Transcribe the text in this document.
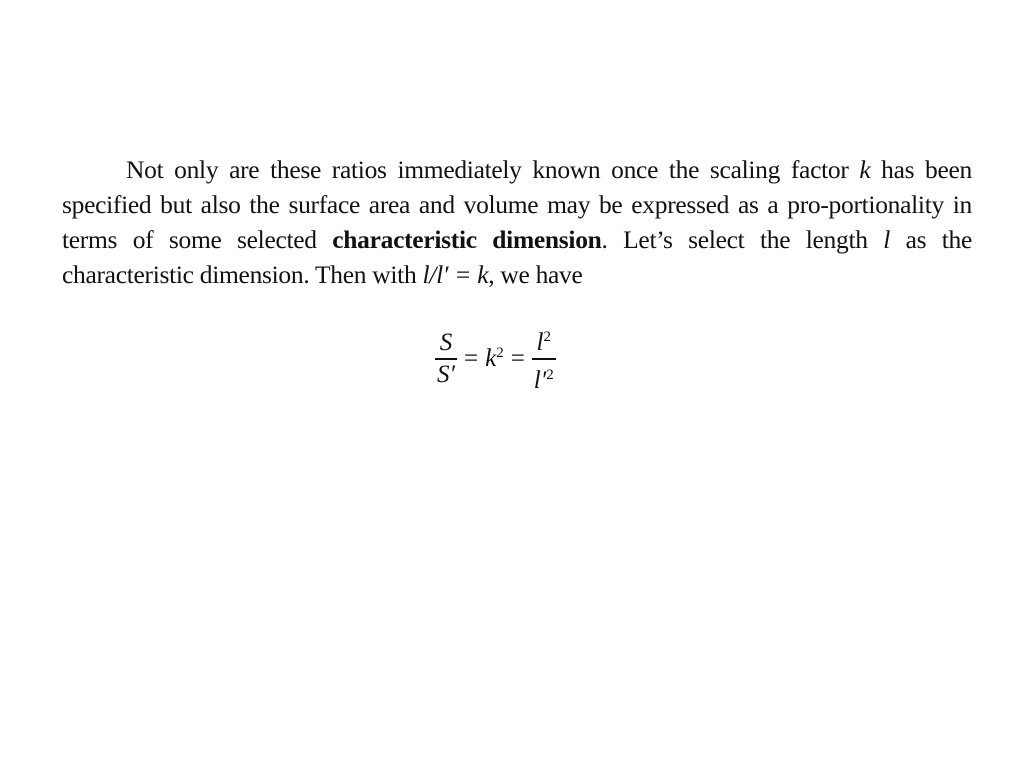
Not only are these ratios immediately known once the scaling factor k has been specified but also the surface area and volume may be expressed as a pro-portionality in terms of some selected characteristic dimension. Let’s select the length l as the characteristic dimension. Then with l/l′ = k, we have

$\frac{S}{S'} = k^2 = \frac{l^2}{l'^2}$
